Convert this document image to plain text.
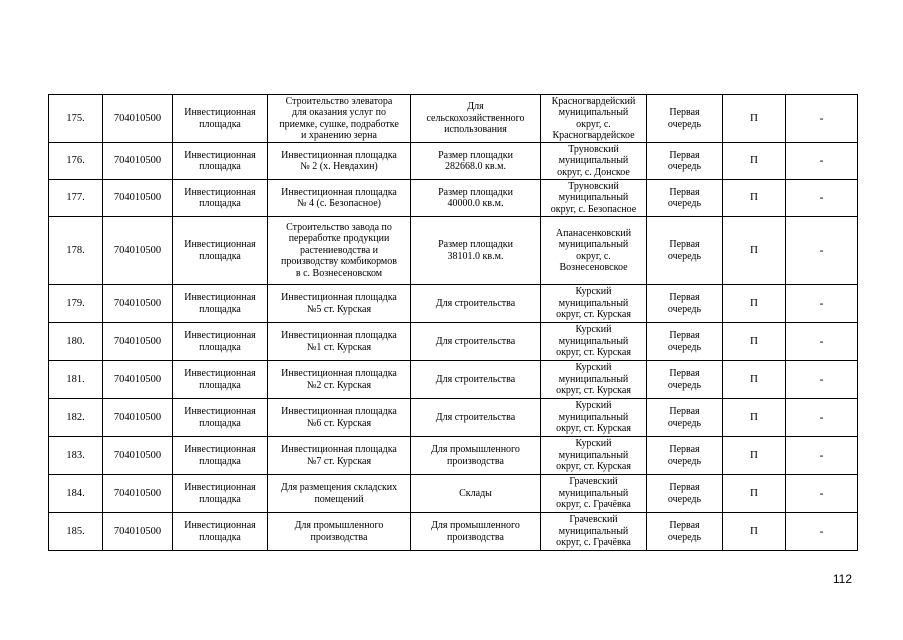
175.	704010500	Инвестиционная
площадка	Строительство элеватора
для оказания услуг по
приемке, сушке, подработке
и хранению зерна	Для
сельскохозяйственного
использования	Красногвардейский
муниципальный
округ, с.
Красногвардейское	Первая
очередь	П	-
176.	704010500	Инвестиционная
площадка	Инвестиционная площадка
№ 2 (х. Невдахин)	Размер площадки
282668.0 кв.м.	Труновский
муниципальный
округ, с. Донское	Первая
очередь	П	-
177.	704010500	Инвестиционная
площадка	Инвестиционная площадка
№ 4 (с. Безопасное)	Размер площадки
40000.0 кв.м.	Труновский
муниципальный
округ, с. Безопасное	Первая
очередь	П	-
178.	704010500	Инвестиционная
площадка	Строительство завода по
переработке продукции
растениеводства и
производству комбикормов
в с. Вознесеновском	Размер площадки
38101.0 кв.м.	Апанасенковский
муниципальный
округ, с.
Вознесеновское	Первая
очередь	П	-
179.	704010500	Инвестиционная
площадка	Инвестиционная площадка
№5 ст. Курская	Для строительства	Курский
муниципальный
округ, ст. Курская	Первая
очередь	П	-
180.	704010500	Инвестиционная
площадка	Инвестиционная площадка
№1 ст. Курская	Для строительства	Курский
муниципальный
округ, ст. Курская	Первая
очередь	П	-
181.	704010500	Инвестиционная
площадка	Инвестиционная площадка
№2 ст. Курская	Для строительства	Курский
муниципальный
округ, ст. Курская	Первая
очередь	П	-
182.	704010500	Инвестиционная
площадка	Инвестиционная площадка
№6 ст. Курская	Для строительства	Курский
муниципальный
округ, ст. Курская	Первая
очередь	П	-
183.	704010500	Инвестиционная
площадка	Инвестиционная площадка
№7 ст. Курская	Для промышленного
производства	Курский
муниципальный
округ, ст. Курская	Первая
очередь	П	-
184.	704010500	Инвестиционная
площадка	Для размещения складских
помещений	Склады	Грачевский
муниципальный
округ, с. Грачёвка	Первая
очередь	П	-
185.	704010500	Инвестиционная
площадка	Для промышленного
производства	Для промышленного
производства	Грачевский
муниципальный
округ, с. Грачёвка	Первая
очередь	П	-
112
